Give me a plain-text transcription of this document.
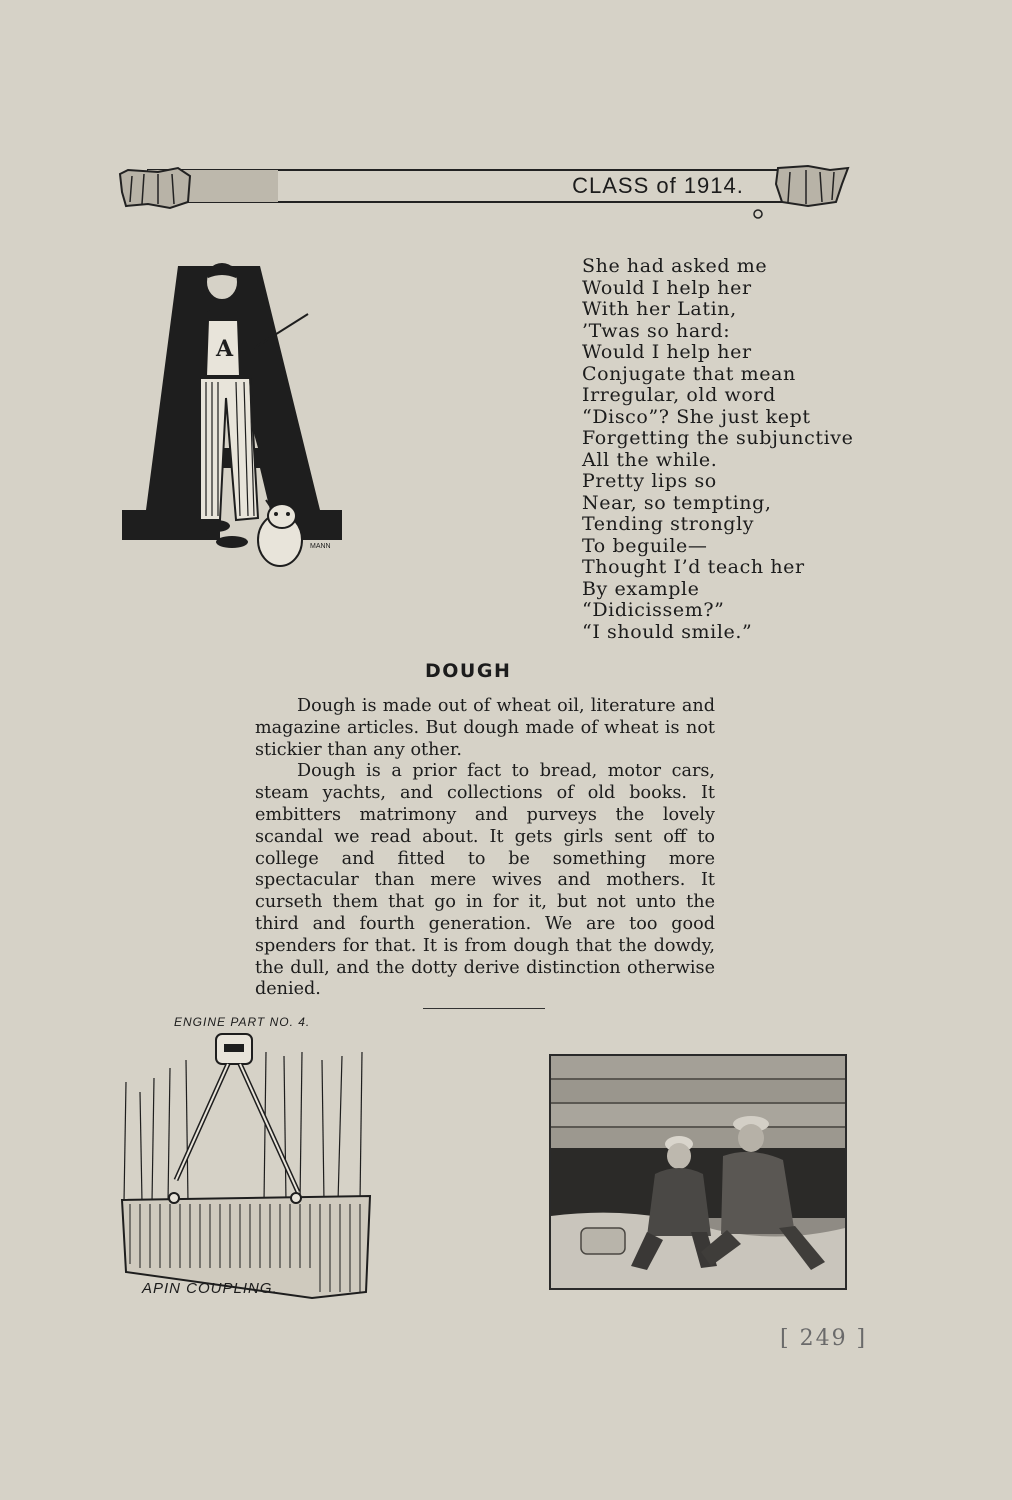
CLASS of 1914.
A
MANN
She had asked me
Would I help her
With her Latin,
’Twas so hard:
Would I help her
Conjugate that mean
Irregular, old word
“Disco”? She just kept
Forgetting the subjunctive
All the while.
Pretty lips so
Near, so tempting,
Tending strongly
To beguile—
Thought I’d teach her
By example
“Didicissem?”
“I should smile.”
DOUGH

Dough is made out of wheat oil, literature and magazine articles. But dough made of wheat is not stickier than any other.

Dough is a prior fact to bread, motor cars, steam yachts, and collections of old books. It embitters matrimony and purveys the lovely scandal we read about. It gets girls sent off to college and fitted to be something more spectacular than mere wives and mothers. It curseth them that go in for it, but not unto the third and fourth generation. We are too good spenders for that. It is from dough that the dowdy, the dull, and the dotty derive distinction otherwise denied.

ENGINE PART NO. 4.
APIN COUPLING.
[ 249 ]
